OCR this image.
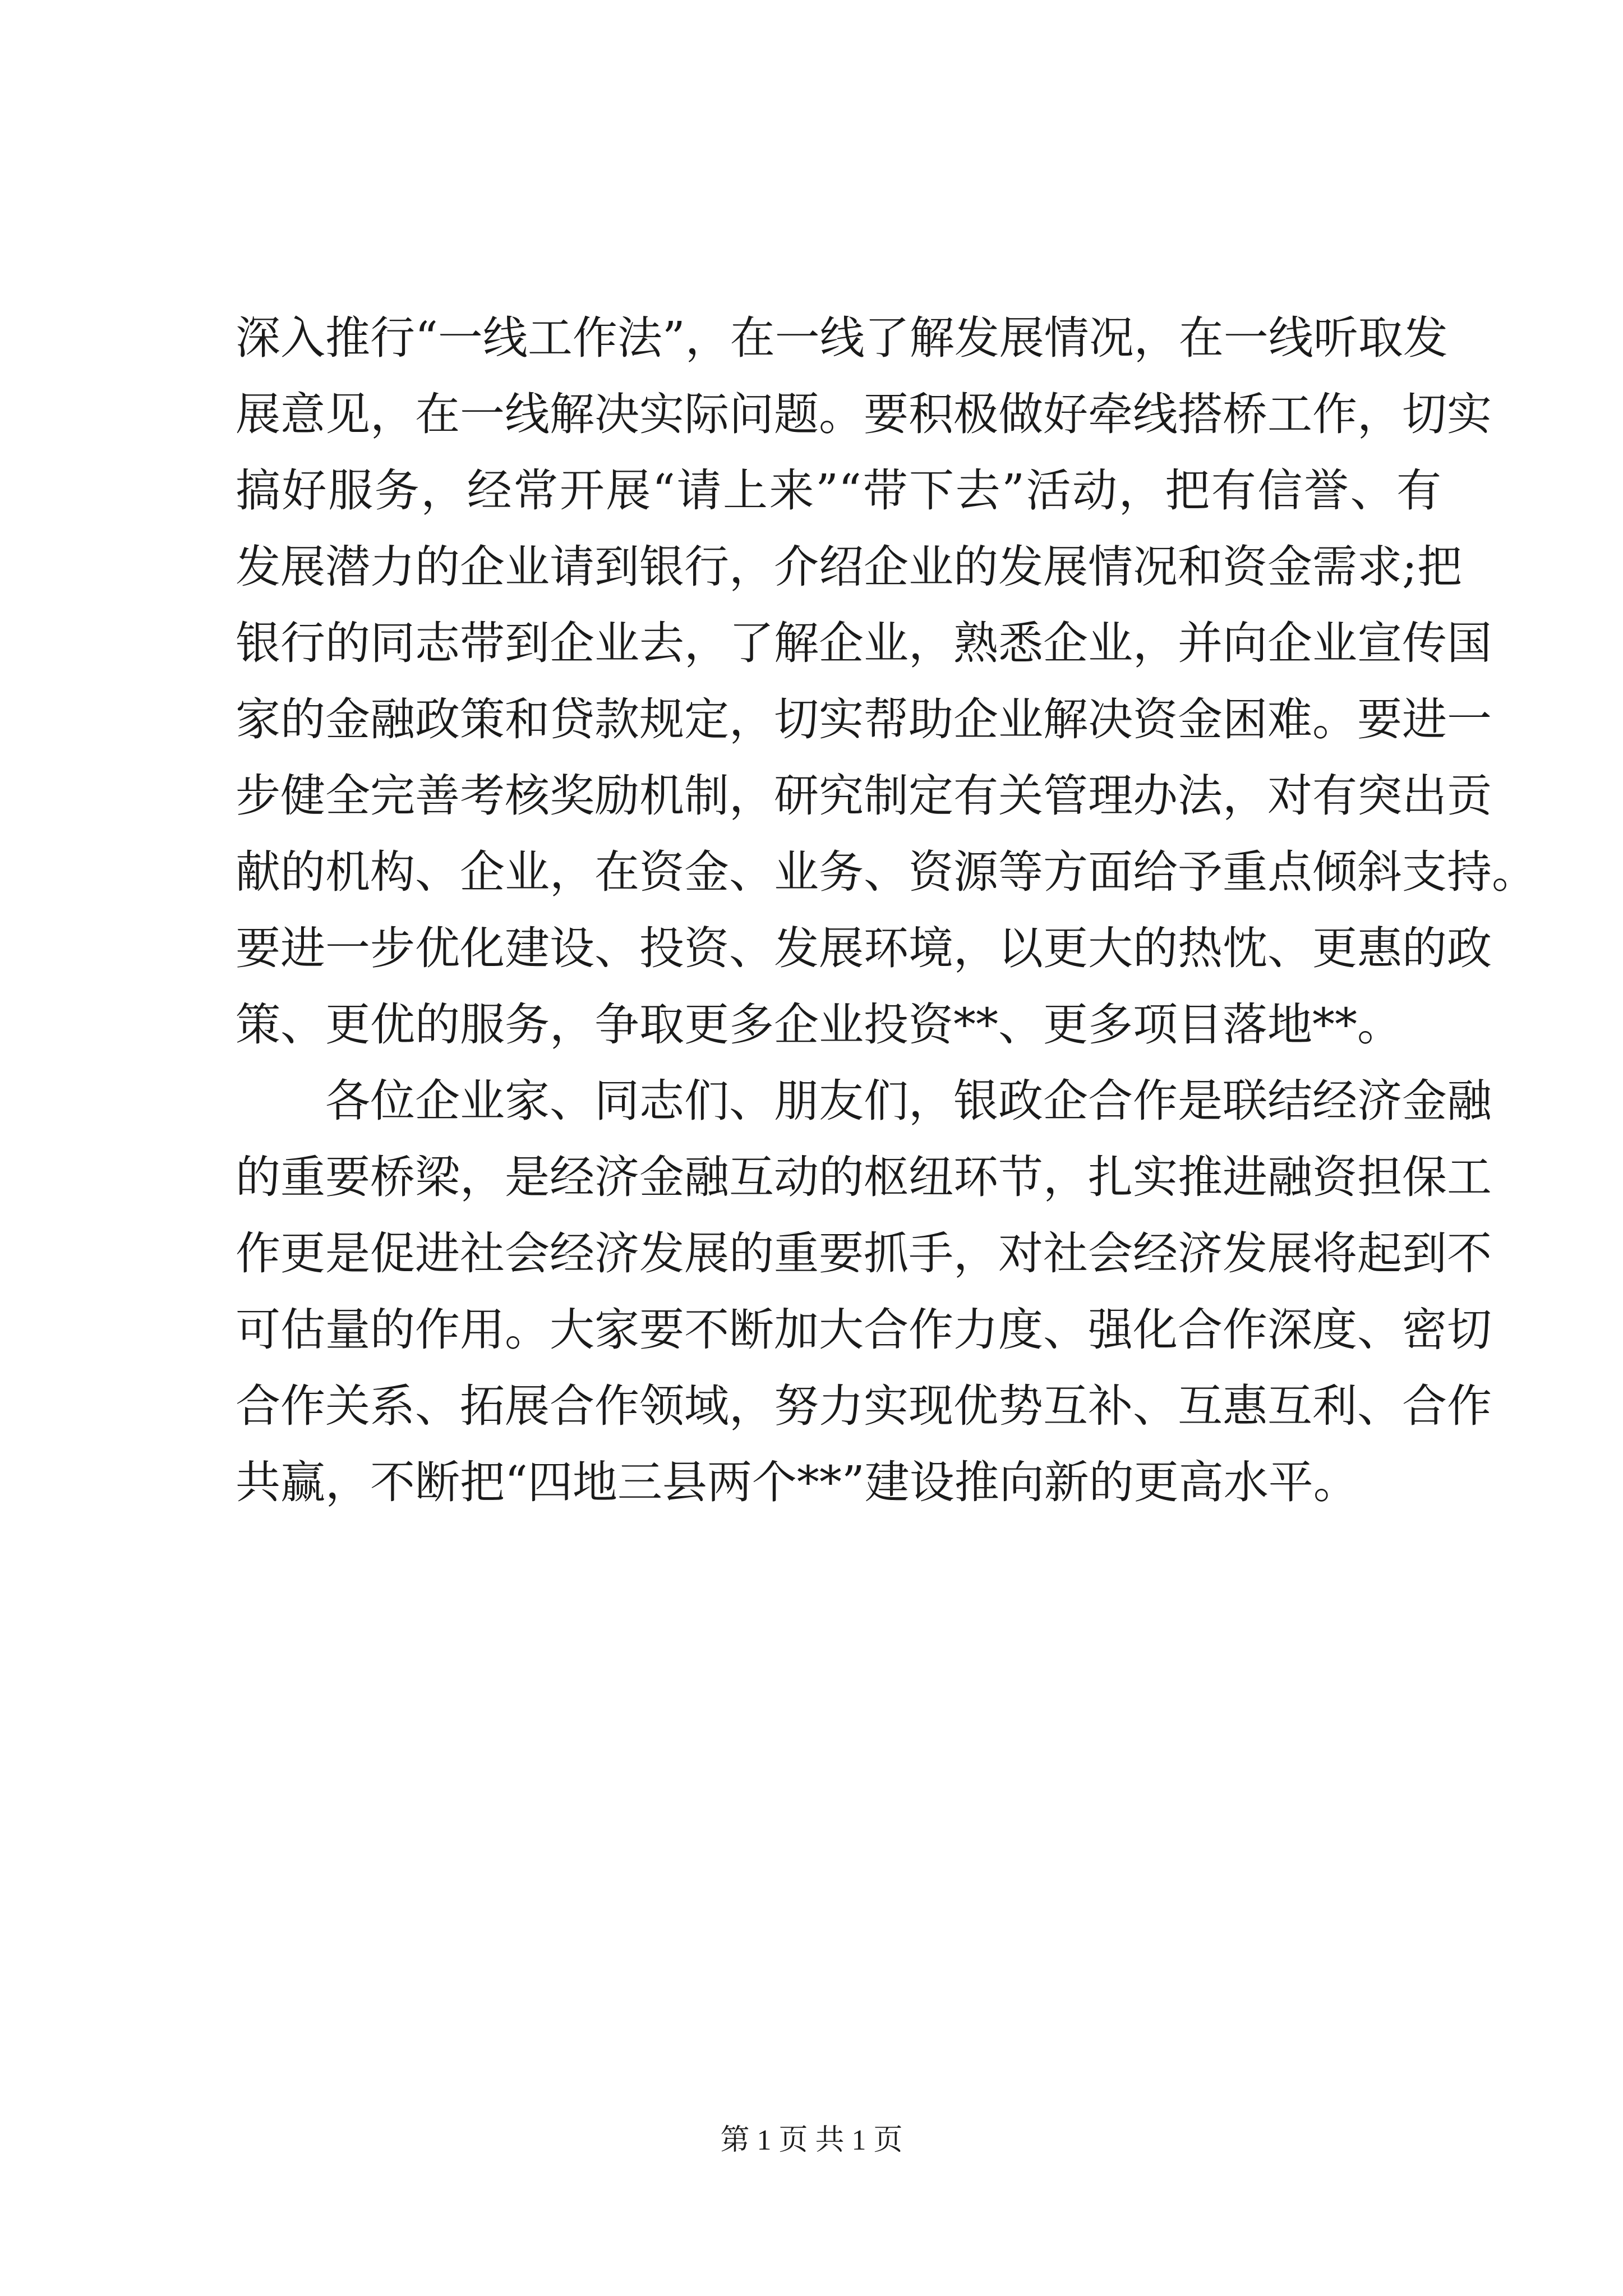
深入推行“一线工作法”，在一线了解发展情况，在一线听取发
展意见，在一线解决实际问题。要积极做好牵线搭桥工作，切实
搞好服务，经常开展“请上来”“带下去”活动，把有信誉、有
发展潜力的企业请到银行，介绍企业的发展情况和资金需求;把
银行的同志带到企业去，了解企业，熟悉企业，并向企业宣传国
家的金融政策和贷款规定，切实帮助企业解决资金困难。要进一
步健全完善考核奖励机制，研究制定有关管理办法，对有突出贡
献的机构、企业，在资金、业务、资源等方面给予重点倾斜支持。
要进一步优化建设、投资、发展环境，以更大的热忱、更惠的政
策、更优的服务，争取更多企业投资**、更多项目落地**。
各位企业家、同志们、朋友们，银政企合作是联结经济金融
的重要桥梁，是经济金融互动的枢纽环节，扎实推进融资担保工
作更是促进社会经济发展的重要抓手，对社会经济发展将起到不
可估量的作用。大家要不断加大合作力度、强化合作深度、密切
合作关系、拓展合作领域，努力实现优势互补、互惠互利、合作
共赢，不断把“四地三县两个**”建设推向新的更高水平。
第 1 页 共 1 页
